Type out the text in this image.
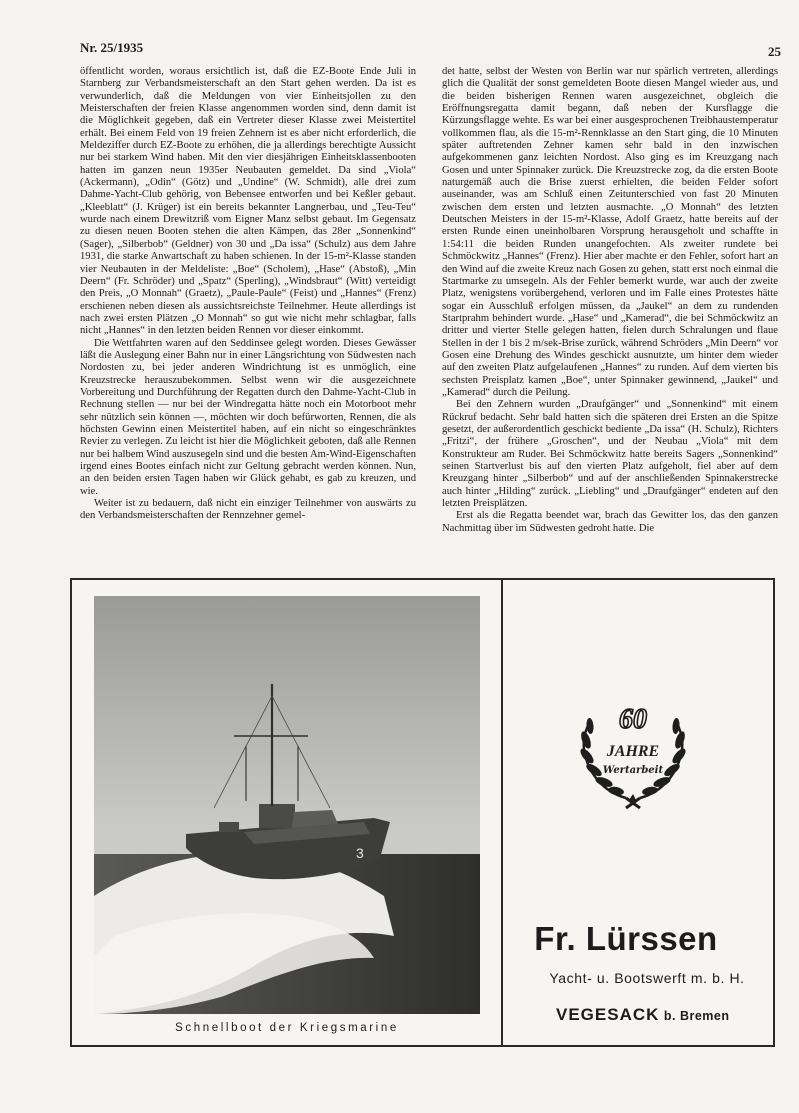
Nr. 25/1935	25

öffentlicht worden, woraus ersichtlich ist, daß die EZ-Boote Ende Juli in Starnberg zur Verbandsmeisterschaft an den Start gehen werden. Da ist es verwunderlich, daß die Meldungen von vier Einheitsjollen zu den Meisterschaften der freien Klasse angenommen worden sind, denn damit ist die Möglichkeit gegeben, daß ein Vertreter dieser Klasse zwei Meistertitel erhält. Bei einem Feld von 19 freien Zehnern ist es aber nicht erforderlich, die Meldeziffer durch EZ-Boote zu erhöhen, die ja allerdings berechtigte Aussicht nur bei starkem Wind haben. Mit den vier diesjährigen Einheitsklassenbooten hatten im ganzen neun 1935er Neubauten gemeldet. Da sind „Viola“ (Ackermann), „Odin“ (Götz) und „Undine“ (W. Schmidt), alle drei zum Dahme-Yacht-Club gehörig, von Bebensee entworfen und bei Keßler gebaut. „Kleeblatt“ (J. Krüger) ist ein bereits bekannter Langnerbau, und „Teu-Teu“ wurde nach einem Drewitzriß vom Eigner Manz selbst gebaut. Im Gegensatz zu diesen neuen Booten stehen die alten Kämpen, das 28er „Sonnenkind“ (Sager), „Silberbob“ (Geldner) von 30 und „Da issa“ (Schulz) aus dem Jahre 1931, die starke Anwartschaft zu haben schienen. In der 15-m²-Klasse standen vier Neubauten in der Meldeliste: „Boe“ (Scholem), „Hase“ (Abstoß), „Min Deern“ (Fr. Schröder) und „Spatz“ (Sperling), „Windsbraut“ (Witt) verteidigt den Preis, „O Monnah“ (Graetz), „Paule-Paule“ (Feist) und „Hannes“ (Frenz) erschienen neben diesen als aussichtsreichste Teilnehmer. Heute allerdings ist nach zwei ersten Plätzen „O Monnah“ so gut wie nicht mehr schlagbar, falls nicht „Hannes“ in den letzten beiden Rennen vor dieser einkommt.

Die Wettfahrten waren auf den Seddinsee gelegt worden. Dieses Gewässer läßt die Auslegung einer Bahn nur in einer Längsrichtung von Südwesten nach Nordosten zu, bei jeder anderen Windrichtung ist es unmöglich, eine Kreuzstrecke herauszubekommen. Selbst wenn wir die ausgezeichnete Vorbereitung und Durchführung der Regatten durch den Dahme-Yacht-Club in Rechnung stellen — nur bei der Windregatta hätte noch ein Motorboot mehr sehr nützlich sein können —, möchten wir doch befürworten, Rennen, die als höchsten Gewinn einen Meistertitel haben, auf ein nicht so eingeschränktes Revier zu verlegen. Zu leicht ist hier die Möglichkeit geboten, daß alle Rennen nur bei halbem Wind auszusegeln sind und die besten Am-Wind-Eigenschaften irgend eines Bootes einfach nicht zur Geltung gebracht werden können. Nun, an den beiden ersten Tagen haben wir Glück gehabt, es gab zu kreuzen, und wie.

Weiter ist zu bedauern, daß nicht ein einziger Teilnehmer von auswärts zu den Verbandsmeisterschaften der Rennzehner gemel-

det hatte, selbst der Westen von Berlin war nur spärlich vertreten, allerdings glich die Qualität der sonst gemeldeten Boote diesen Mangel wieder aus, und die beiden bisherigen Rennen waren ausgezeichnet, obgleich die Eröffnungsregatta damit begann, daß neben der Kursflagge die Kürzungsflagge wehte. Es war bei einer ausgesprochenen Treibhaustemperatur vollkommen flau, als die 15-m²-Rennklasse an den Start ging, die 10 Minuten später auftretenden Zehner kamen sehr bald in den inzwischen aufgekommenen ganz leichten Nordost. Also ging es im Kreuzgang nach Gosen und unter Spinnaker zurück. Die Kreuzstrecke zog, da die ersten Boote naturgemäß auch die Brise zuerst erhielten, die beiden Felder sofort auseinander, was am Schluß einen Zeitunterschied von fast 20 Minuten zwischen dem ersten und letzten ausmachte. „O Monnah“ des letzten Deutschen Meisters in der 15-m²-Klasse, Adolf Graetz, hatte bereits auf der ersten Runde einen uneinholbaren Vorsprung herausgeholt und schaffte in 1:54:11 die beiden Runden unangefochten. Als zweiter rundete bei Schmöckwitz „Hannes“ (Frenz). Hier aber machte er den Fehler, sofort hart an den Wind auf die zweite Kreuz nach Gosen zu gehen, statt erst noch einmal die Startmarke zu umsegeln. Als der Fehler bemerkt wurde, war auch der zweite Platz, wenigstens vorübergehend, verloren und im Falle eines Protestes hätte sogar ein Ausschluß erfolgen müssen, da „Jaukel“ an dem zu rundenden Startprahm behindert wurde. „Hase“ und „Kamerad“, die bei Schmöckwitz an dritter und vierter Stelle gelegen hatten, fielen durch Schralungen und flaue Stellen in der 1 bis 2 m/sek-Brise zurück, während Schröders „Min Deern“ vor Gosen eine Drehung des Windes geschickt ausnutzte, um hinter dem wieder auf den zweiten Platz aufgelaufenen „Hannes“ zu runden. Auf dem vierten bis sechsten Preisplatz kamen „Boe“, unter Spinnaker gewinnend, „Jaukel“ und „Kamerad“ durch die Peilung.

Bei den Zehnern wurden „Draufgänger“ und „Sonnenkind“ mit einem Rückruf bedacht. Sehr bald hatten sich die späteren drei Ersten an die Spitze gesetzt, der außerordentlich geschickt bediente „Da issa“ (H. Schulz), Richters „Fritzi“, der frühere „Groschen“, und der Neubau „Viola“ mit dem Konstrukteur am Ruder. Bei Schmöckwitz hatte bereits Sagers „Sonnenkind“ seinen Startverlust bis auf den vierten Platz aufgeholt, fiel aber auf dem Kreuzgang hinter „Silberbob“ und auf der anschließenden Spinnakerstrecke auch hinter „Hilding“ zurück. „Liebling“ und „Draufgänger“ endeten auf den letzten Preisplätzen.

Erst als die Regatta beendet war, brach das Gewitter los, das den ganzen Nachmittag über im Südwesten gedroht hatte. Die

3
Schnellboot der Kriegsmarine
60
JAHRE
Wertarbeit
Fr. Lürssen
Yacht- u. Bootswerft m. b. H.
VEGESACK b. Bremen
